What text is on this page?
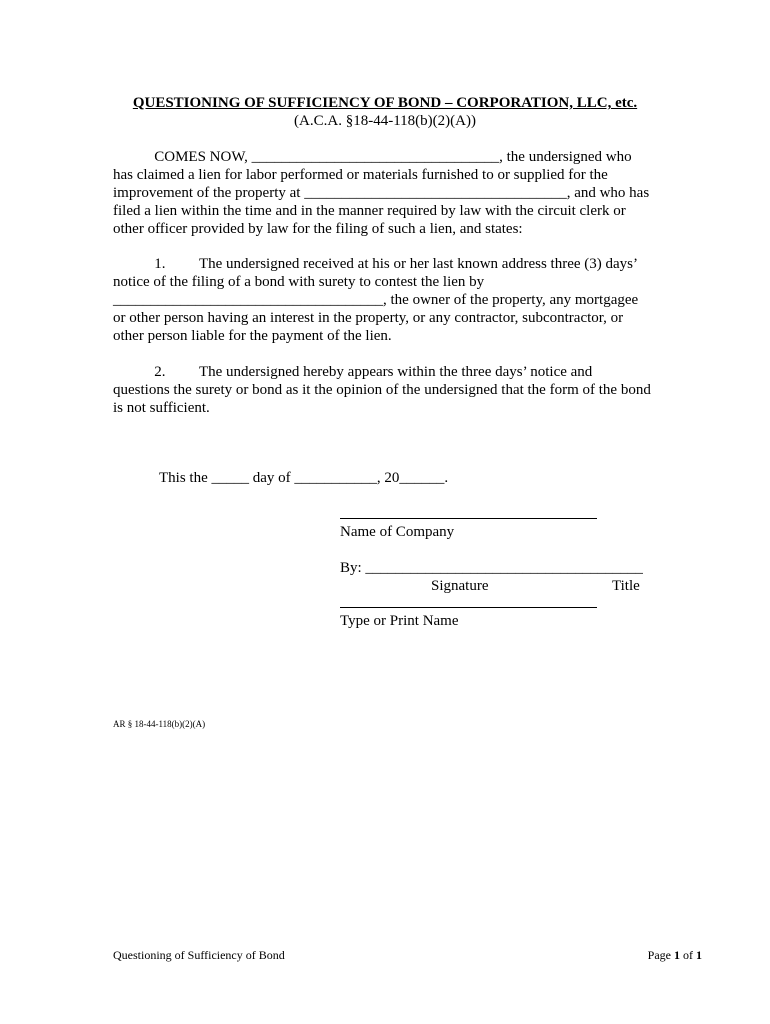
QUESTIONING OF SUFFICIENCY OF BOND – CORPORATION, LLC, etc.
(A.C.A. §18-44-118(b)(2)(A))
COMES NOW, _________________________________, the undersigned who
has claimed a lien for labor performed or materials furnished to or supplied for the
improvement of the property at ___________________________________, and who has
filed a lien within the time and in the manner required by law with the circuit clerk or
other officer provided by law for the filing of such a lien, and states:
1.         The undersigned received at his or her last known address three (3) days’
notice of the filing of a bond with surety to contest the lien by
____________________________________, the owner of the property, any mortgagee
or other person having an interest in the property, or any contractor, subcontractor, or
other person liable for the payment of the lien.
2.         The undersigned hereby appears within the three days’ notice and
questions the surety or bond as it the opinion of the undersigned that the form of the bond
is not sufficient.
This the _____ day of ___________, 20______.
Name of Company
By: _____________________________________
Signature	Title
Type or Print Name
AR § 18-44-118(b)(2)(A)
Questioning of Sufficiency of Bond	Page 1 of 1
